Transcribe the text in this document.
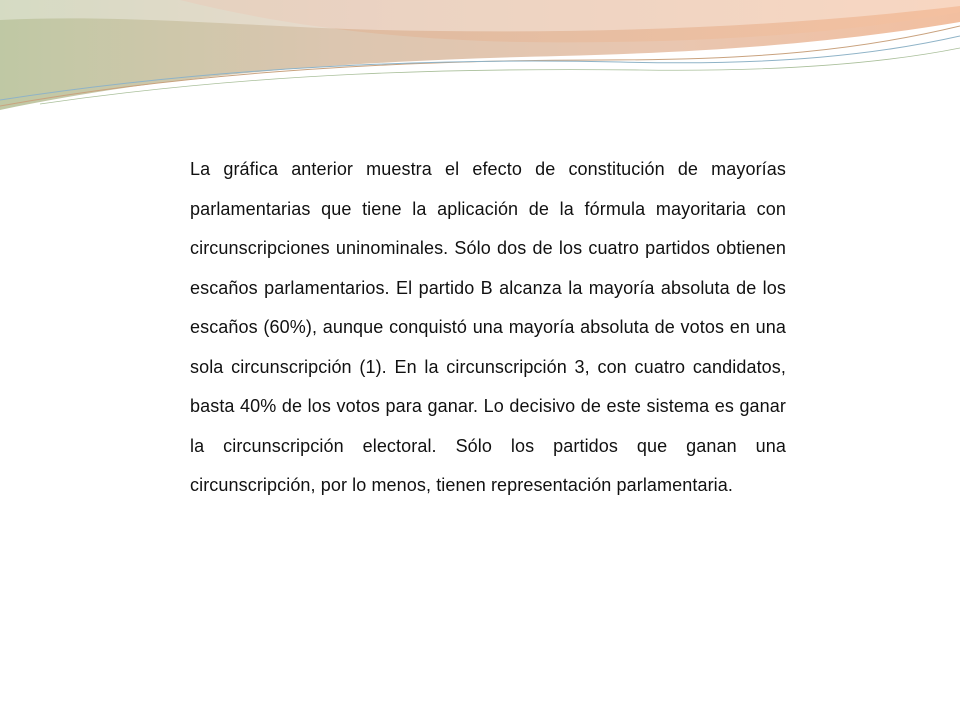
La gráfica anterior muestra el efecto de constitución de mayorías parlamentarias que tiene la aplicación de la fórmula mayoritaria con circunscripciones uninominales. Sólo dos de los cuatro partidos obtienen escaños parlamentarios. El partido B alcanza la mayoría absoluta de los escaños (60%), aunque conquistó una mayoría absoluta de votos en una sola circunscripción (1). En la circunscripción 3, con cuatro candidatos, basta 40% de los votos para ganar. Lo decisivo de este sistema es ganar la circunscripción electoral. Sólo los partidos que ganan una circunscripción, por lo menos, tienen representación parlamentaria.
